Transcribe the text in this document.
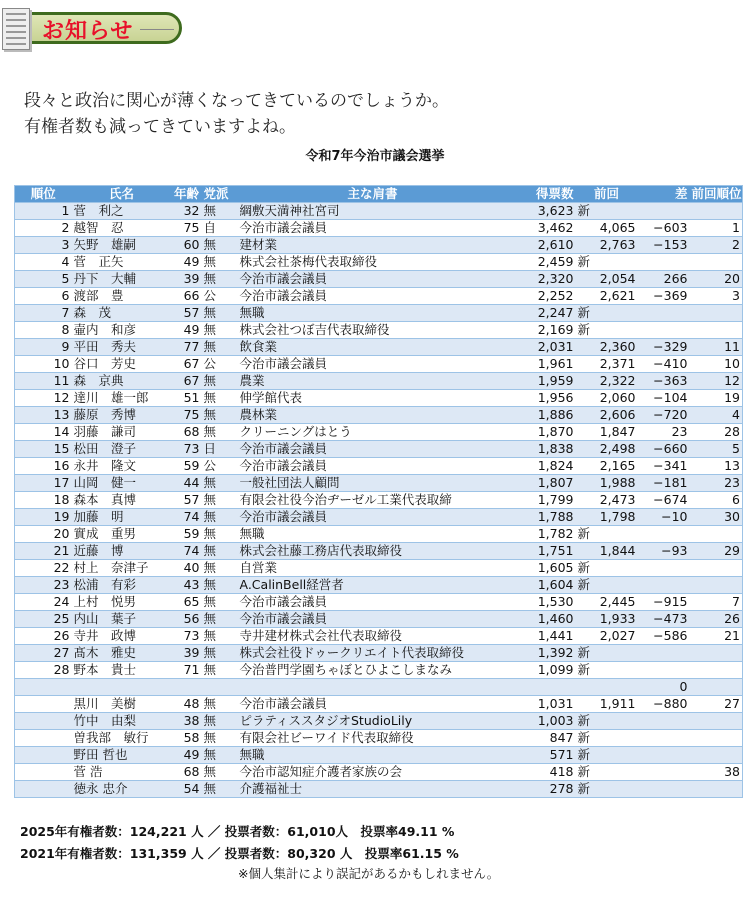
お知らせ
段々と政治に関心が薄くなってきているのでしょうか。
有権者数も減ってきていますよね。
令和7年今治市議会選挙
順位	氏名	年齢	党派	主な肩書	得票数	前回	差	前回順位
1	菅　利之	32	無	綱敷天満神社宮司	3,623	新		
2	越智　忍	75	自	今治市議会議員	3,462	4,065	−603	1
3	矢野　雄嗣	60	無	建材業	2,610	2,763	−153	2
4	菅　正矢	49	無	株式会社茶梅代表取締役	2,459	新		
5	丹下　大輔	39	無	今治市議会議員	2,320	2,054	266	20
6	渡部　豊	66	公	今治市議会議員	2,252	2,621	−369	3
7	森　茂	57	無	無職	2,247	新		
8	壷内　和彦	49	無	株式会社つぼ吉代表取締役	2,169	新		
9	平田　秀夫	77	無	飲食業	2,031	2,360	−329	11
10	谷口　芳史	67	公	今治市議会議員	1,961	2,371	−410	10
11	森　京典	67	無	農業	1,959	2,322	−363	12
12	達川　雄一郎	51	無	伸学館代表	1,956	2,060	−104	19
13	藤原　秀博	75	無	農林業	1,886	2,606	−720	4
14	羽藤　謙司	68	無	クリーニングはとう	1,870	1,847	23	28
15	松田　澄子	73	日	今治市議会議員	1,838	2,498	−660	5
16	永井　隆文	59	公	今治市議会議員	1,824	2,165	−341	13
17	山岡　健一	44	無	一般社団法人顧問	1,807	1,988	−181	23
18	森本　真博	57	無	有限会社役今治ヂーゼル工業代表取締	1,799	2,473	−674	6
19	加藤　明	74	無	今治市議会議員	1,788	1,798	−10	30
20	實成　重男	59	無	無職	1,782	新		
21	近藤　博	74	無	株式会社藤工務店代表取締役	1,751	1,844	−93	29
22	村上　奈津子	40	無	自営業	1,605	新		
23	松浦　有彩	43	無	A.CalinBell経営者	1,604	新		
24	上村　悦男	65	無	今治市議会議員	1,530	2,445	−915	7
25	内山　葉子	56	無	今治市議会議員	1,460	1,933	−473	26
26	寺井　政博	73	無	寺井建材株式会社代表取締役	1,441	2,027	−586	21
27	髙木　雅史	39	無	株式会社役ドゥークリエイト代表取締役	1,392	新		
28	野本　貴士	71	無	今治普門学園ちゃぼとひよこしまなみ	1,099	新		
							0	
	黒川　美樹	48	無	今治市議会議員	1,031	1,911	−880	27
	竹中　由梨	38	無	ピラティススタジオStudioLily	1,003	新		
	曽我部　敏行	58	無	有限会社ビーワイド代表取締役	847	新		
	野田 哲也	49	無	無職	571	新		
	菅 浩	68	無	今治市認知症介護者家族の会	418	新		38
	徳永 忠介	54	無	介護福祉士	278	新		
2025年有権者数：124,221 人 ／ 投票者数：61,010人　投票率49.11 %
2021年有権者数：131,359 人 ／ 投票者数：80,320 人　投票率61.15 %
※個人集計により誤記があるかもしれません。
